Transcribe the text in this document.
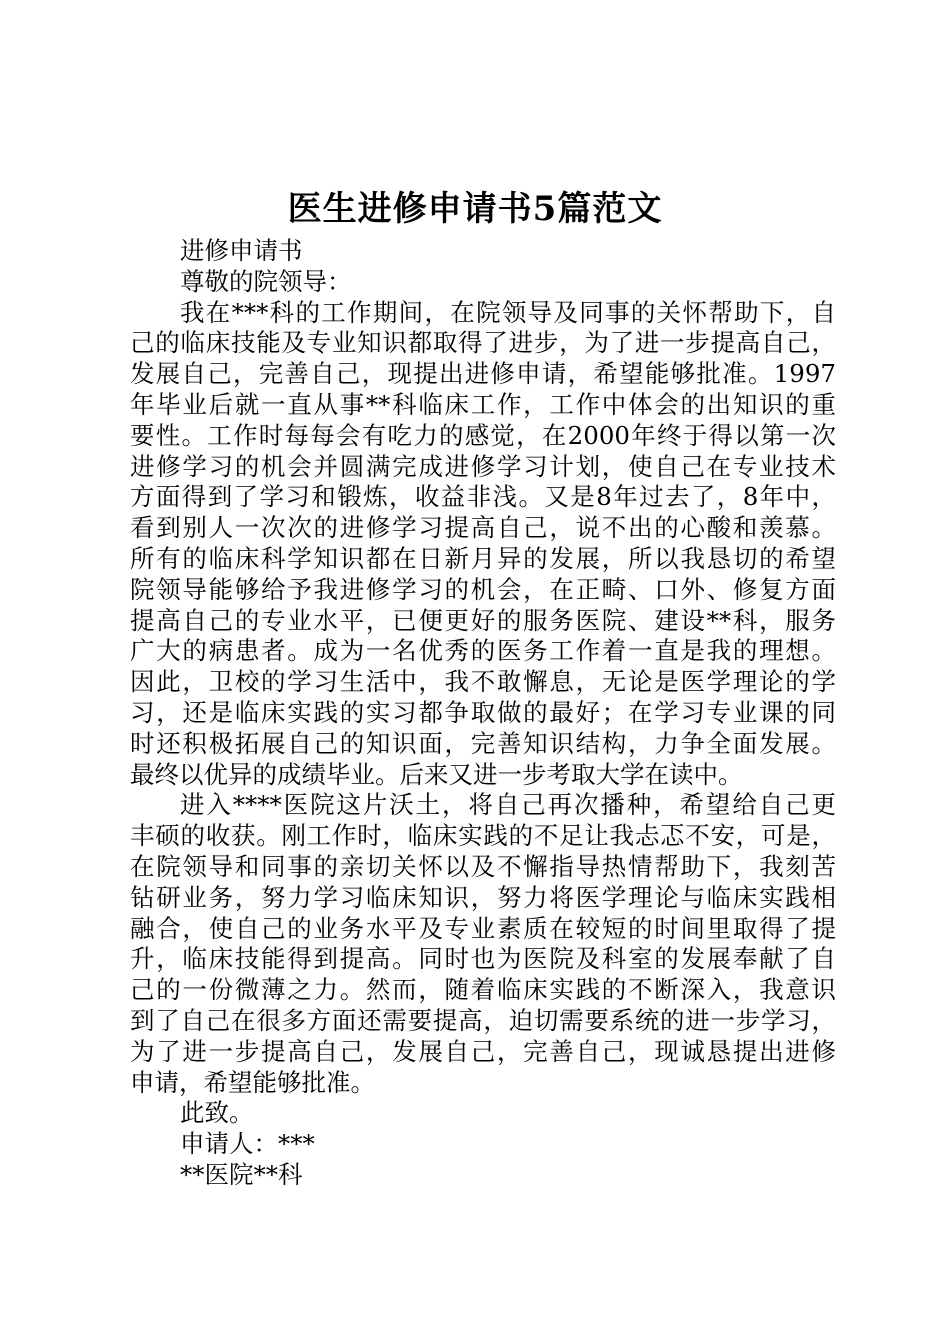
医生进修申请书5篇范文
进修申请书
尊敬的院领导：
我在***科的工作期间，在院领导及同事的关怀帮助下，自
己的临床技能及专业知识都取得了进步，为了进一步提高自己，
发展自己，完善自己，现提出进修申请，希望能够批准。1997
年毕业后就一直从事**科临床工作，工作中体会的出知识的重
要性。工作时每每会有吃力的感觉，在2000年终于得以第一次
进修学习的机会并圆满完成进修学习计划，使自己在专业技术
方面得到了学习和锻炼，收益非浅。又是8年过去了，8年中，
看到别人一次次的进修学习提高自己，说不出的心酸和羡慕。
所有的临床科学知识都在日新月异的发展，所以我恳切的希望
院领导能够给予我进修学习的机会，在正畸、口外、修复方面
提高自己的专业水平，已便更好的服务医院、建设**科，服务
广大的病患者。成为一名优秀的医务工作着一直是我的理想。
因此，卫校的学习生活中，我不敢懈息，无论是医学理论的学
习，还是临床实践的实习都争取做的最好；在学习专业课的同
时还积极拓展自己的知识面，完善知识结构，力争全面发展。
最终以优异的成绩毕业。后来又进一步考取大学在读中。
进入****医院这片沃土，将自己再次播种，希望给自己更
丰硕的收获。刚工作时，临床实践的不足让我忐忑不安，可是，
在院领导和同事的亲切关怀以及不懈指导热情帮助下，我刻苦
钻研业务，努力学习临床知识，努力将医学理论与临床实践相
融合，使自己的业务水平及专业素质在较短的时间里取得了提
升，临床技能得到提高。同时也为医院及科室的发展奉献了自
己的一份微薄之力。然而，随着临床实践的不断深入，我意识
到了自己在很多方面还需要提高，迫切需要系统的进一步学习，
为了进一步提高自己，发展自己，完善自己，现诚恳提出进修
申请，希望能够批准。
此致。
申请人：***
**医院**科
